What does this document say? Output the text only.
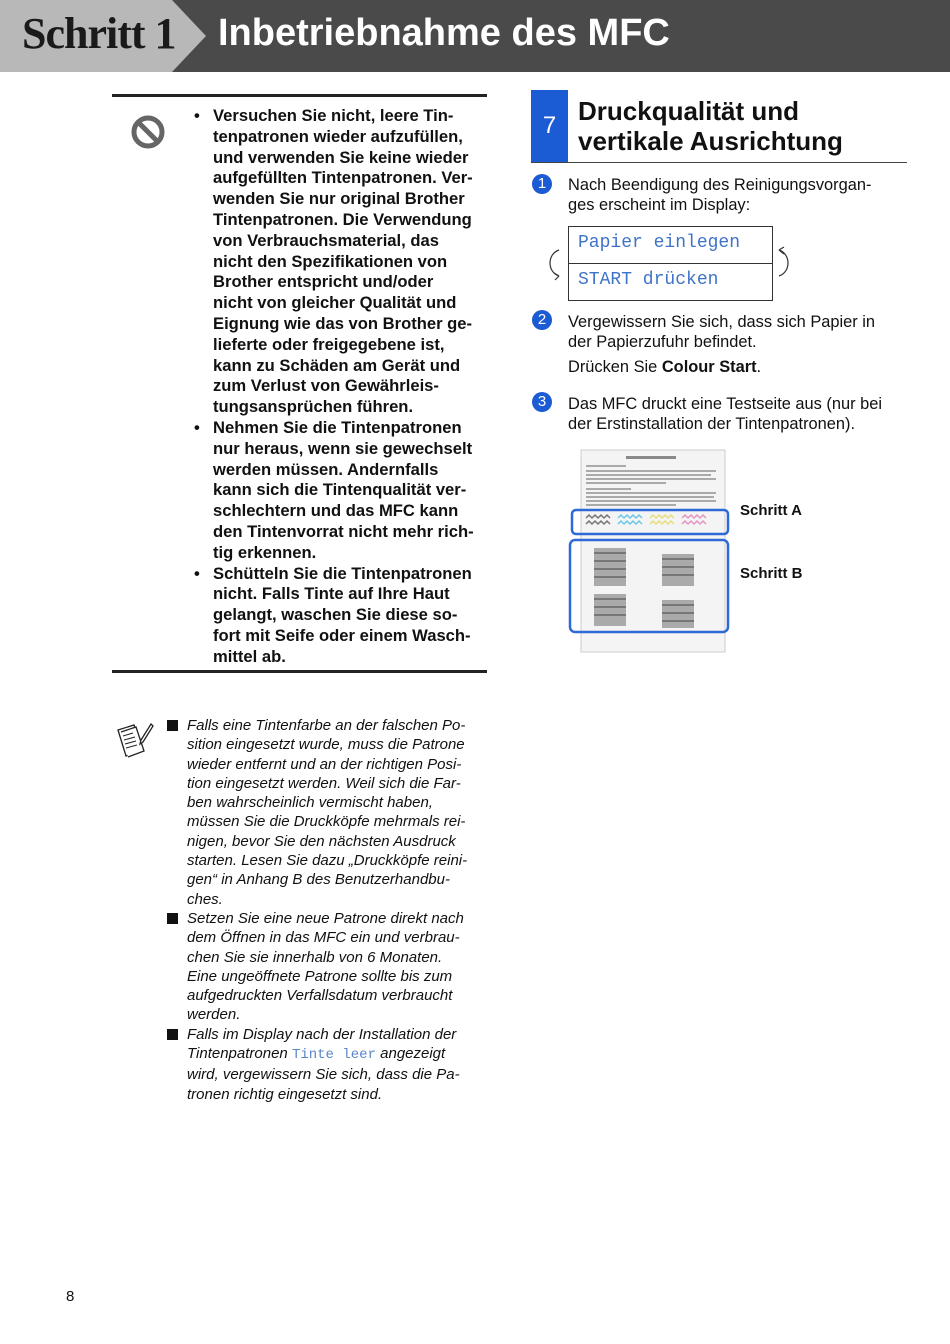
Schritt 1 Inbetriebnahme des MFC
• Versuchen Sie nicht, leere Tin-
tenpatronen wieder aufzufüllen,
und verwenden Sie keine wieder
aufgefüllten Tintenpatronen. Ver-
wenden Sie nur original Brother
Tintenpatronen. Die Verwendung
von Verbrauchsmaterial, das
nicht den Spezifikationen von
Brother entspricht und/oder
nicht von gleicher Qualität und
Eignung wie das von Brother ge-
lieferte oder freigegebene ist,
kann zu Schäden am Gerät und
zum Verlust von Gewährleis-
tungsansprüchen führen.
• Nehmen Sie die Tintenpatronen
nur heraus, wenn sie gewechselt
werden müssen. Andernfalls
kann sich die Tintenqualität ver-
schlechtern und das MFC kann
den Tintenvorrat nicht mehr rich-
tig erkennen.
• Schütteln Sie die Tintenpatronen
nicht. Falls Tinte auf Ihre Haut
gelangt, waschen Sie diese so-
fort mit Seife oder einem Wasch-
mittel ab.
Falls eine Tintenfarbe an der falschen Po-
sition eingesetzt wurde, muss die Patrone
wieder entfernt und an der richtigen Posi-
tion eingesetzt werden. Weil sich die Far-
ben wahrscheinlich vermischt haben,
müssen Sie die Druckköpfe mehrmals rei-
nigen, bevor Sie den nächsten Ausdruck
starten. Lesen Sie dazu „Druckköpfe reini-
gen“ in Anhang B des Benutzerhandbu-
ches.
Setzen Sie eine neue Patrone direkt nach
dem Öffnen in das MFC ein und verbrau-
chen Sie sie innerhalb von 6 Monaten.
Eine ungeöffnete Patrone sollte bis zum
aufgedruckten Verfallsdatum verbraucht
werden.
Falls im Display nach der Installation der
Tintenpatronen Tinte leer angezeigt
wird, vergewissern Sie sich, dass die Pa-
tronen richtig eingesetzt sind.
7 Druckqualität und
vertikale Ausrichtung
1	Nach Beendigung des Reinigungsvorgan-
ges erscheint im Display:
Papier einlegen
START drücken
2	Vergewissern Sie sich, dass sich Papier in
der Papierzufuhr befindet.
Drücken Sie Colour Start.
3	Das MFC druckt eine Testseite aus (nur bei
der Erstinstallation der Tintenpatronen).
Schritt A
Schritt B
8
